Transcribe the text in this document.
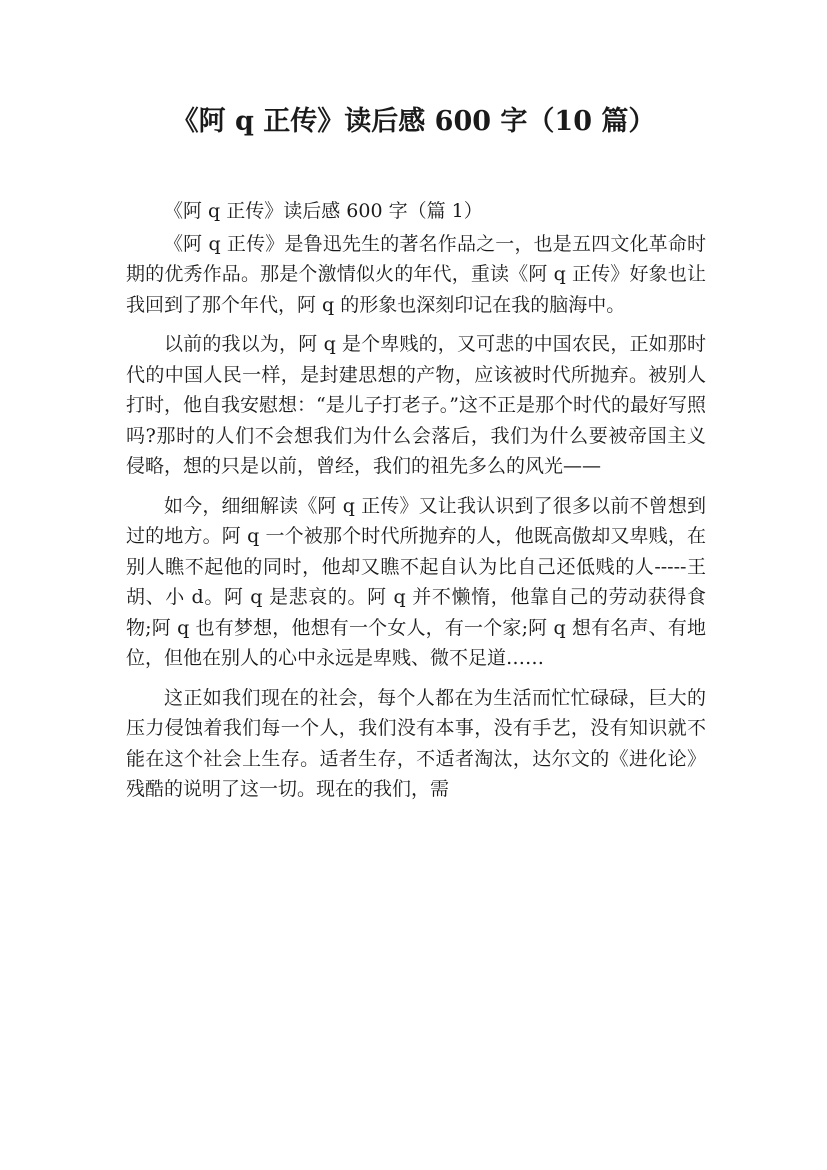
《阿 q 正传》读后感 600 字（10 篇）
《阿 q 正传》读后感 600 字（篇 1）

《阿 q 正传》是鲁迅先生的著名作品之一，也是五四文化革命时期的优秀作品。那是个激情似火的年代，重读《阿 q 正传》好象也让我回到了那个年代，阿 q 的形象也深刻印记在我的脑海中。

以前的我以为，阿 q 是个卑贱的，又可悲的中国农民，正如那时代的中国人民一样，是封建思想的产物，应该被时代所抛弃。被别人打时，他自我安慰想：“是儿子打老子。”这不正是那个时代的最好写照吗?那时的人们不会想我们为什么会落后，我们为什么要被帝国主义侵略，想的只是以前，曾经，我们的祖先多么的风光——

如今，细细解读《阿 q 正传》又让我认识到了很多以前不曾想到过的地方。阿 q 一个被那个时代所抛弃的人，他既高傲却又卑贱，在别人瞧不起他的同时，他却又瞧不起自认为比自己还低贱的人-----王胡、小 d。阿 q 是悲哀的。阿 q 并不懒惰，他靠自己的劳动获得食物;阿 q 也有梦想，他想有一个女人，有一个家;阿 q 想有名声、有地位，但他在别人的心中永远是卑贱、微不足道……

这正如我们现在的社会，每个人都在为生活而忙忙碌碌，巨大的压力侵蚀着我们每一个人，我们没有本事，没有手艺，没有知识就不能在这个社会上生存。适者生存，不适者淘汰，达尔文的《进化论》残酷的说明了这一切。现在的我们，需
